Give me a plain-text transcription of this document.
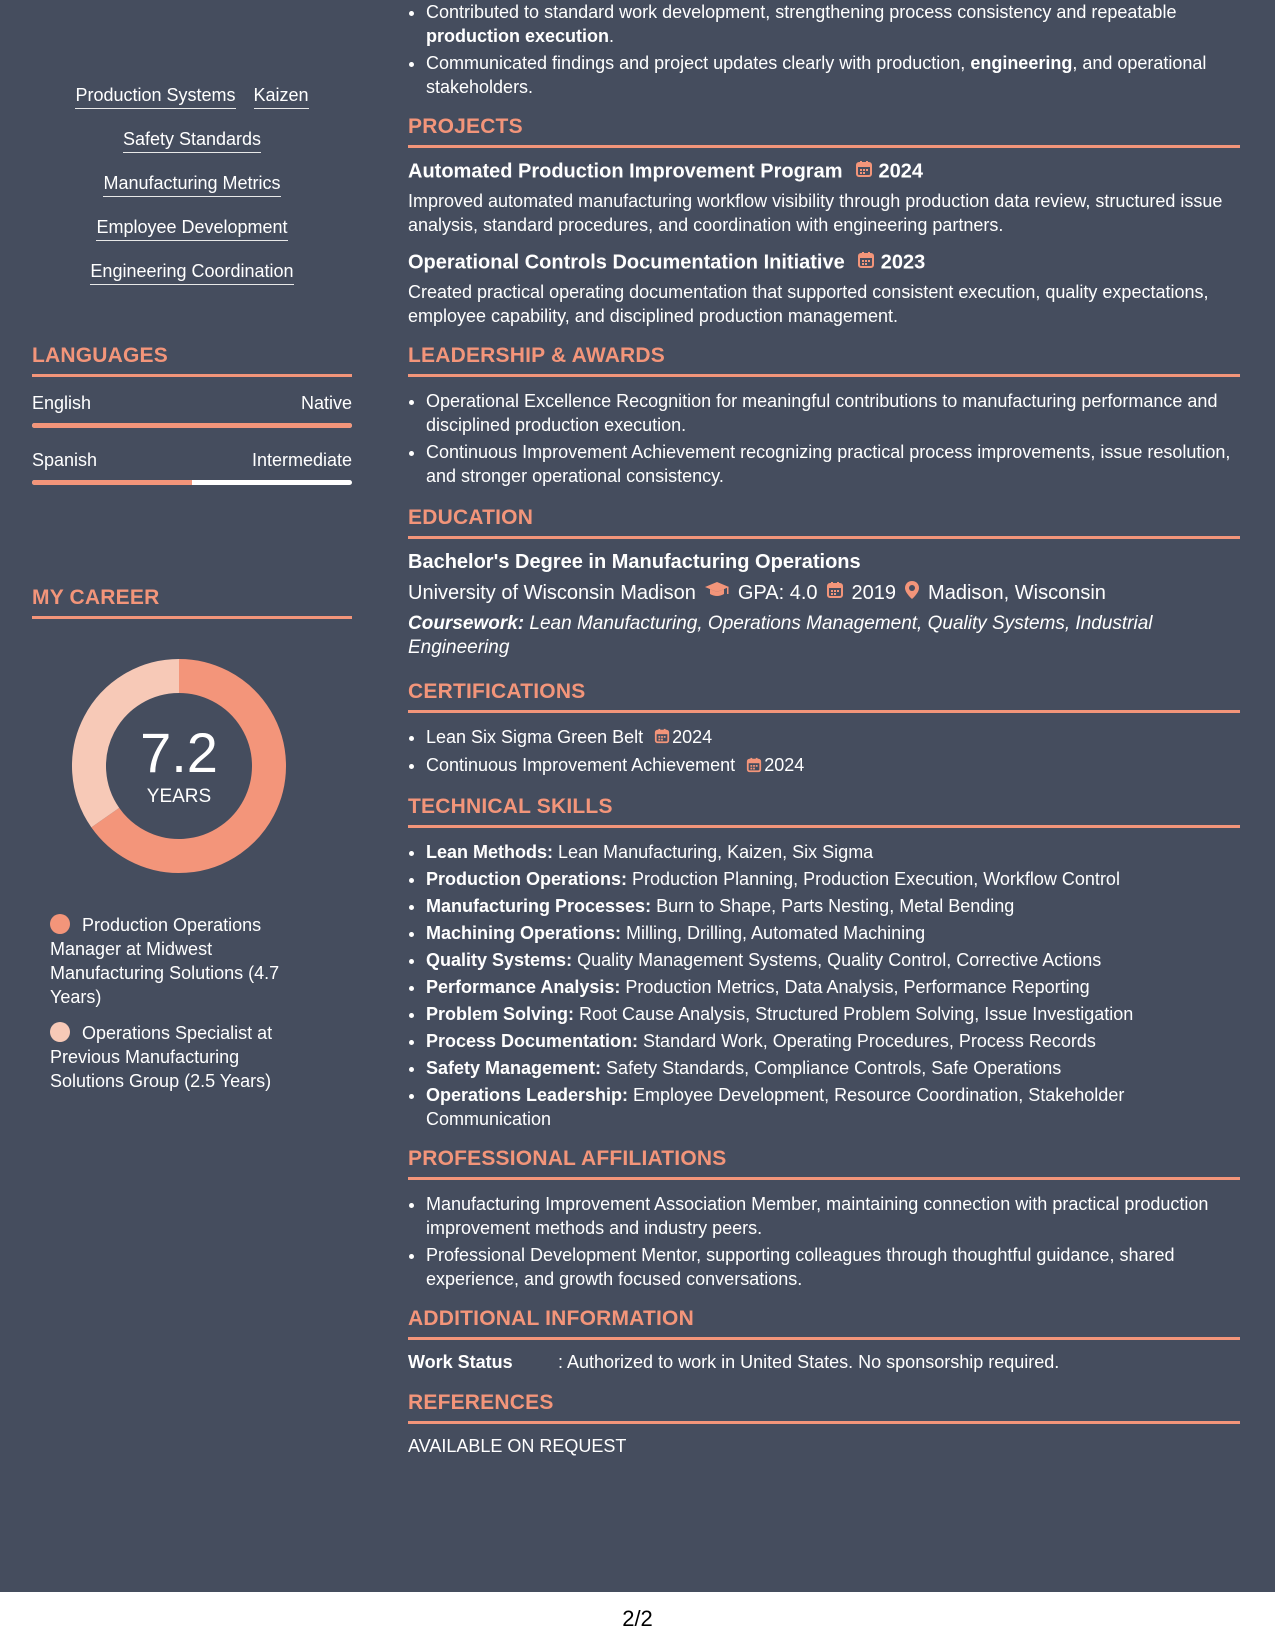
Production Systems Kaizen
Safety Standards
Manufacturing Metrics
Employee Development
Engineering Coordination
LANGUAGES
English	Native
Spanish	Intermediate
MY CAREER
7.2
YEARS
Production Operations Manager at Midwest Manufacturing Solutions (4.7 Years)
Operations Specialist at Previous Manufacturing Solutions Group (2.5 Years)
• Contributed to standard work development, strengthening process consistency and repeatable production execution.
• Communicated findings and project updates clearly with production, engineering, and operational stakeholders.
PROJECTS
Automated Production Improvement Program 2024
Improved automated manufacturing workflow visibility through production data review, structured issue analysis, standard procedures, and coordination with engineering partners.
Operational Controls Documentation Initiative 2023
Created practical operating documentation that supported consistent execution, quality expectations, employee capability, and disciplined production management.
LEADERSHIP & AWARDS
• Operational Excellence Recognition for meaningful contributions to manufacturing performance and disciplined production execution.
• Continuous Improvement Achievement recognizing practical process improvements, issue resolution, and stronger operational consistency.
EDUCATION
Bachelor's Degree in Manufacturing Operations
University of Wisconsin Madison GPA: 4.0 2019 Madison, Wisconsin
Coursework: Lean Manufacturing, Operations Management, Quality Systems, Industrial Engineering
CERTIFICATIONS
• Lean Six Sigma Green Belt 2024
• Continuous Improvement Achievement 2024
TECHNICAL SKILLS
• Lean Methods: Lean Manufacturing, Kaizen, Six Sigma
• Production Operations: Production Planning, Production Execution, Workflow Control
• Manufacturing Processes: Burn to Shape, Parts Nesting, Metal Bending
• Machining Operations: Milling, Drilling, Automated Machining
• Quality Systems: Quality Management Systems, Quality Control, Corrective Actions
• Performance Analysis: Production Metrics, Data Analysis, Performance Reporting
• Problem Solving: Root Cause Analysis, Structured Problem Solving, Issue Investigation
• Process Documentation: Standard Work, Operating Procedures, Process Records
• Safety Management: Safety Standards, Compliance Controls, Safe Operations
• Operations Leadership: Employee Development, Resource Coordination, Stakeholder Communication
PROFESSIONAL AFFILIATIONS
• Manufacturing Improvement Association Member, maintaining connection with practical production improvement methods and industry peers.
• Professional Development Mentor, supporting colleagues through thoughtful guidance, shared experience, and growth focused conversations.
ADDITIONAL INFORMATION
Work Status	: Authorized to work in United States. No sponsorship required.
REFERENCES
AVAILABLE ON REQUEST
2/2
